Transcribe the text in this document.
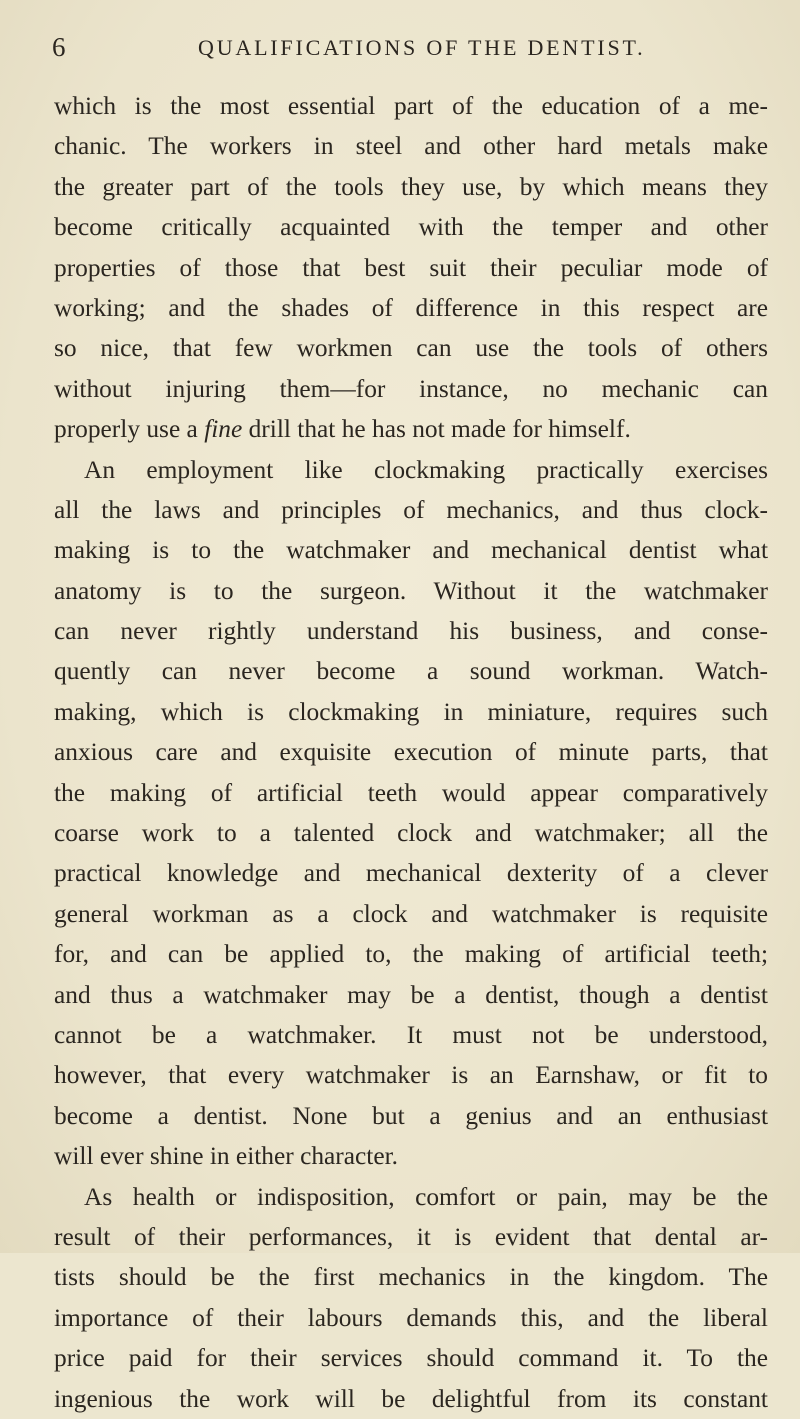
6	QUALIFICATIONS OF THE DENTIST.
which is the most essential part of the education of a me-
chanic. The workers in steel and other hard metals make
the greater part of the tools they use, by which means they
become critically acquainted with the temper and other
properties of those that best suit their peculiar mode of
working; and the shades of difference in this respect are
so nice, that few workmen can use the tools of others
without injuring them—for instance, no mechanic can
properly use a fine drill that he has not made for himself.
An employment like clockmaking practically exercises
all the laws and principles of mechanics, and thus clock-
making is to the watchmaker and mechanical dentist what
anatomy is to the surgeon. Without it the watchmaker
can never rightly understand his business, and conse-
quently can never become a sound workman. Watch-
making, which is clockmaking in miniature, requires such
anxious care and exquisite execution of minute parts, that
the making of artificial teeth would appear comparatively
coarse work to a talented clock and watchmaker; all the
practical knowledge and mechanical dexterity of a clever
general workman as a clock and watchmaker is requisite
for, and can be applied to, the making of artificial teeth;
and thus a watchmaker may be a dentist, though a dentist
cannot be a watchmaker. It must not be understood,
however, that every watchmaker is an Earnshaw, or fit to
become a dentist. None but a genius and an enthusiast
will ever shine in either character.
As health or indisposition, comfort or pain, may be the
result of their performances, it is evident that dental ar-
tists should be the first mechanics in the kingdom. The
importance of their labours demands this, and the liberal
price paid for their services should command it. To the
ingenious the work will be delightful from its constant
